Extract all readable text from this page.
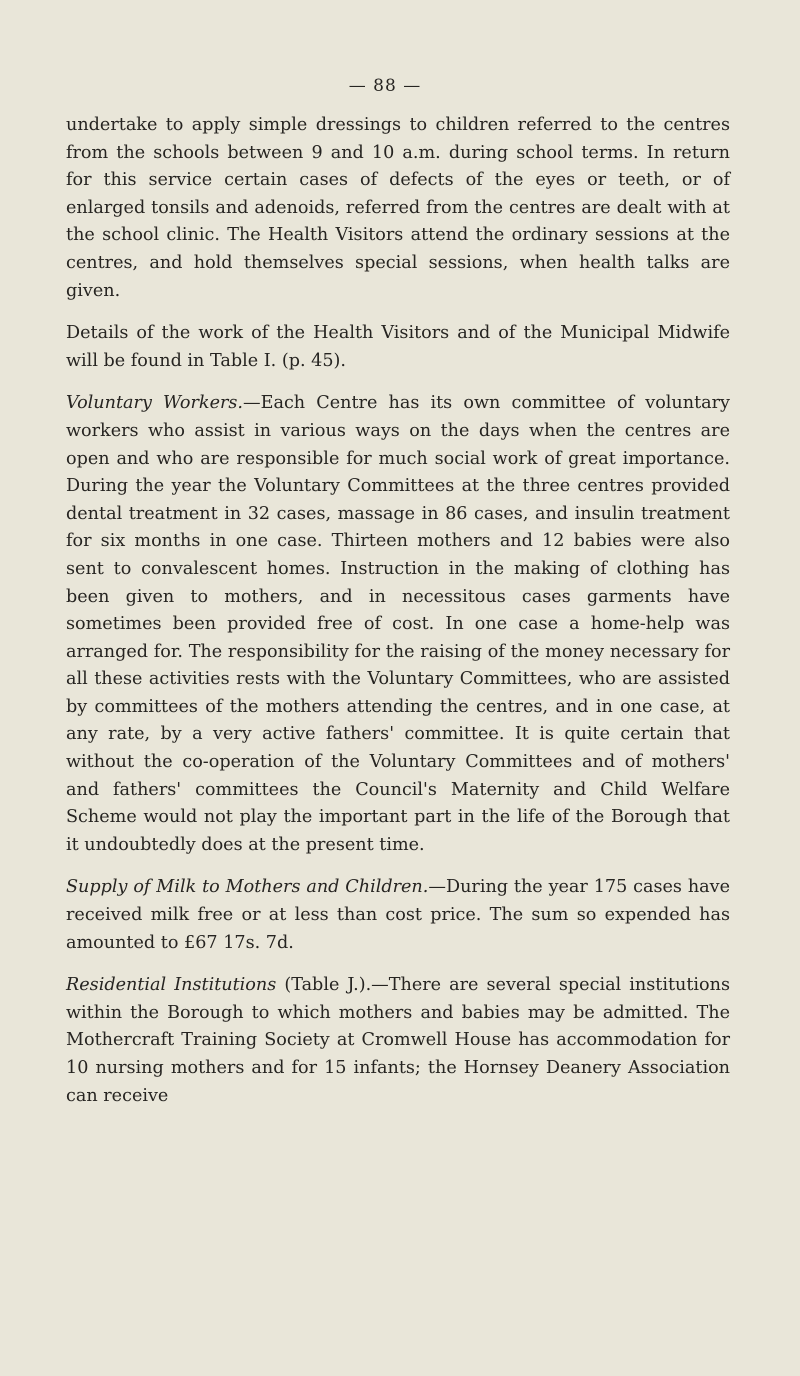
— 88 —

undertake to apply simple dressings to children referred to the centres from the schools between 9 and 10 a.m. during school terms. In return for this service certain cases of defects of the eyes or teeth, or of enlarged tonsils and adenoids, referred from the centres are dealt with at the school clinic. The Health Visitors attend the ordinary sessions at the centres, and hold themselves special sessions, when health talks are given.

Details of the work of the Health Visitors and of the Municipal Midwife will be found in Table I. (p. 45).

Voluntary Workers.—Each Centre has its own committee of voluntary workers who assist in various ways on the days when the centres are open and who are responsible for much social work of great importance. During the year the Voluntary Committees at the three centres provided dental treatment in 32 cases, massage in 86 cases, and insulin treatment for six months in one case. Thirteen mothers and 12 babies were also sent to convalescent homes. Instruction in the making of clothing has been given to mothers, and in necessitous cases garments have sometimes been provided free of cost. In one case a home-help was arranged for. The responsibility for the raising of the money necessary for all these activities rests with the Voluntary Committees, who are assisted by committees of the mothers attending the centres, and in one case, at any rate, by a very active fathers' committee. It is quite certain that without the co-operation of the Voluntary Committees and of mothers' and fathers' committees the Council's Maternity and Child Welfare Scheme would not play the important part in the life of the Borough that it undoubtedly does at the present time.

Supply of Milk to Mothers and Children.—During the year 175 cases have received milk free or at less than cost price. The sum so expended has amounted to £67 17s. 7d.

Residential Institutions (Table J.).—There are several special institutions within the Borough to which mothers and babies may be admitted. The Mothercraft Training Society at Cromwell House has accommodation for 10 nursing mothers and for 15 infants; the Hornsey Deanery Association can receive
